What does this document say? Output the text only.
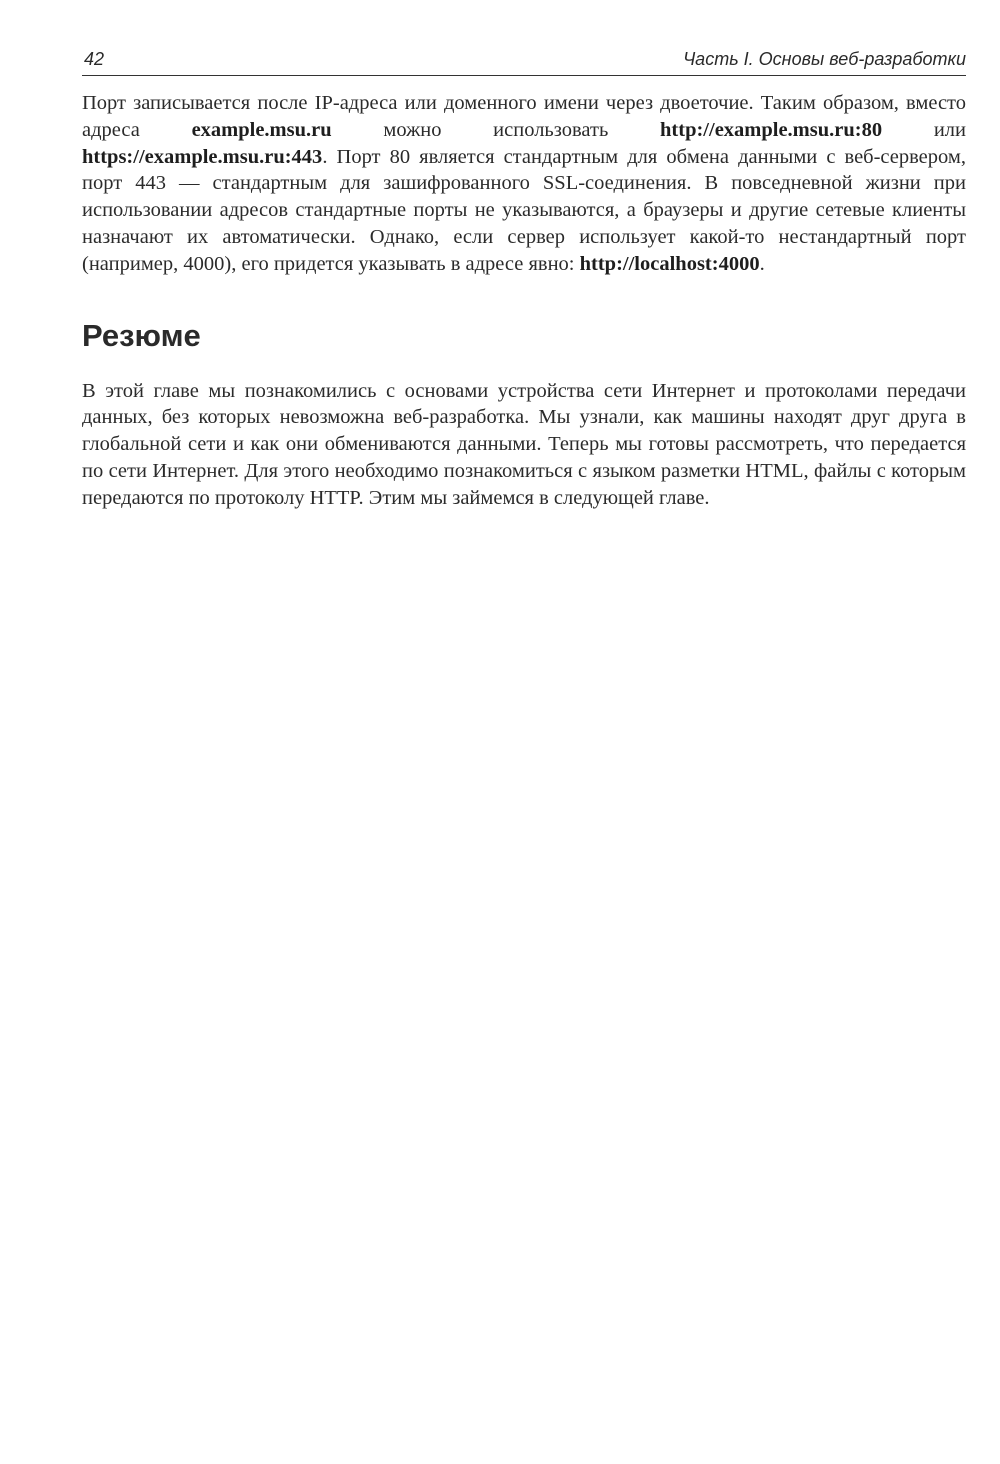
42	Часть I. Основы веб-разработки

Порт записывается после IP-адреса или доменного имени через двоеточие. Таким образом, вместо адреса example.msu.ru можно использовать http://example.msu.ru:80 или https://example.msu.ru:443. Порт 80 является стандартным для обмена данными с веб-сервером, порт 443 — стандартным для зашифрованного SSL-соединения. В повседневной жизни при использовании адресов стандартные порты не указываются, а браузеры и другие сетевые клиенты назначают их автоматически. Однако, если сервер использует какой-то нестандартный порт (например, 4000), его придется указывать в адресе явно: http://localhost:4000.

Резюме

В этой главе мы познакомились с основами устройства сети Интернет и протоколами передачи данных, без которых невозможна веб-разработка. Мы узнали, как машины находят друг друга в глобальной сети и как они обмениваются данными. Теперь мы готовы рассмотреть, что передается по сети Интернет. Для этого необходимо познакомиться с языком разметки HTML, файлы с которым передаются по протоколу HTTP. Этим мы займемся в следующей главе.
